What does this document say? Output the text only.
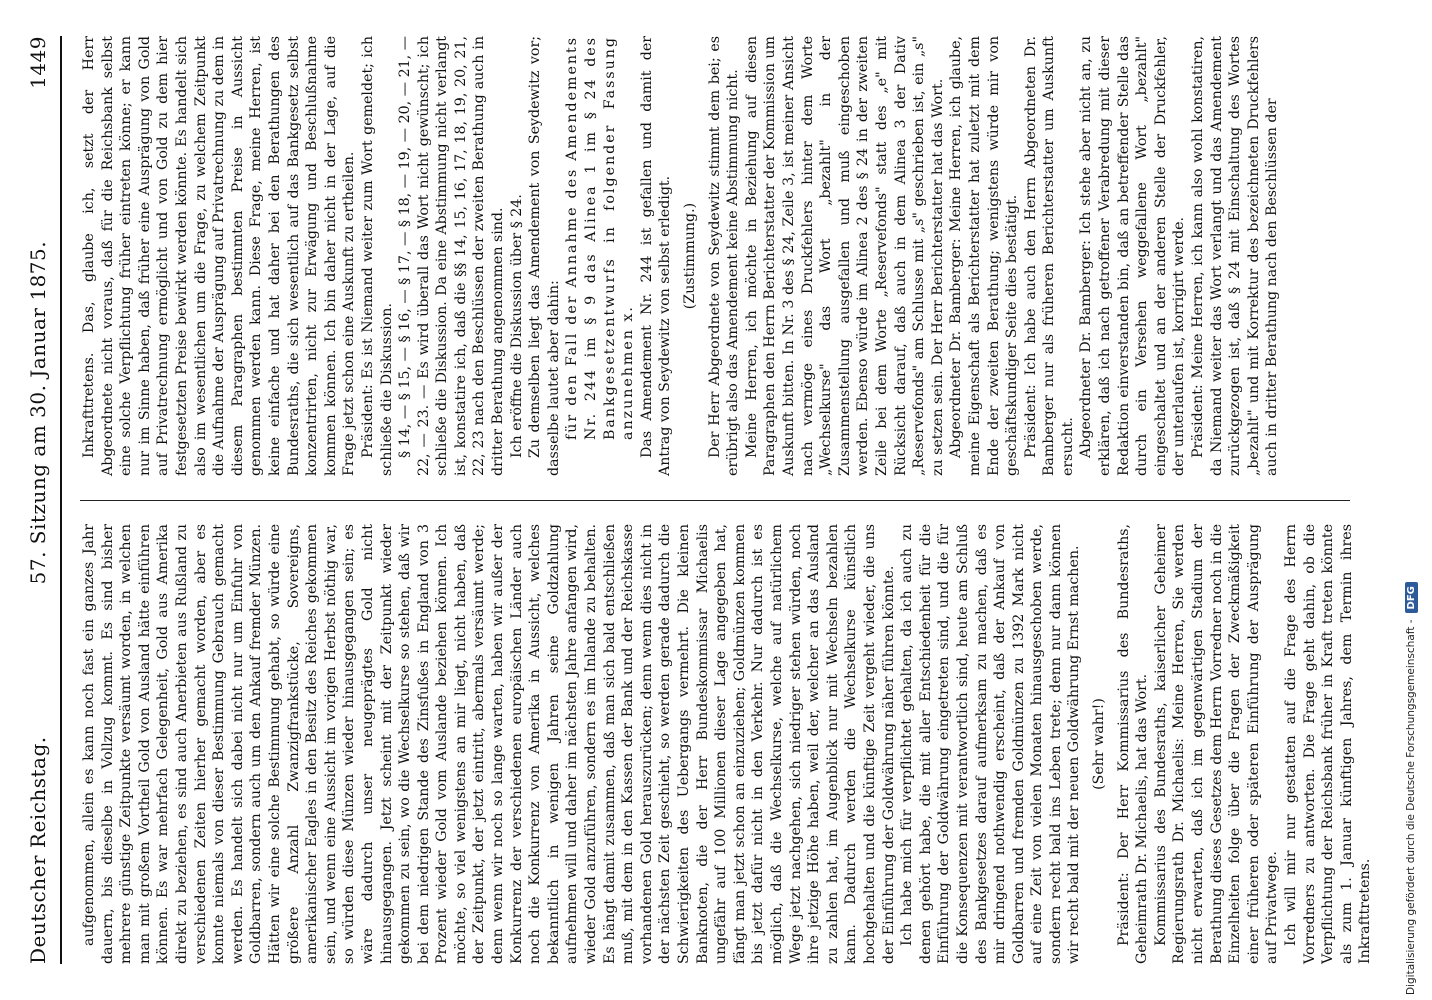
Deutscher Reichstag.
57. Sitzung am 30. Januar 1875.
1449

aufgenommen, allein es kann noch fast ein ganzes Jahr dauern, bis dieselbe in Vollzug kommt. Es sind bisher mehrere günstige Zeitpunkte versäumt worden, in welchen man mit großem Vortheil Gold von Ausland hätte einführen können. Es war mehrfach Gelegenheit, Gold aus Amerika direkt zu beziehen, es sind auch Anerbieten aus Rußland zu verschiedenen Zeiten hierher gemacht worden, aber es konnte niemals von dieser Bestimmung Gebrauch gemacht werden. Es handelt sich dabei nicht nur um Einfuhr von Goldbarren, sondern auch um den Ankauf fremder Münzen. Hätten wir eine solche Bestimmung gehabt, so würde eine größere Anzahl Zwanzigfrankstücke, Sovereigns, amerikanischer Eagles in den Besitz des Reiches gekommen sein, und wenn eine Aussicht im vorigen Herbst nöthig war, so würden diese Münzen wieder hinausgegangen sein; es wäre dadurch unser neugeprägtes Gold nicht hinausgegangen. Jetzt scheint mit der Zeitpunkt wieder gekommen zu sein, wo die Wechselkurse so stehen, daß wir bei dem niedrigen Stande des Zinsfußes in England von 3 Prozent wieder Gold vom Auslande beziehen können. Ich möchte, so viel wenigstens an mir liegt, nicht haben, daß der Zeitpunkt, der jetzt eintritt, abermals versäumt werde; denn wenn wir noch so lange warten, haben wir außer der Konkurrenz der verschiedenen europäischen Länder auch noch die Konkurrenz von Amerika in Aussicht, welches bekanntlich in wenigen Jahren seine Goldzahlung aufnehmen will und daher im nächsten Jahre anfangen wird, wieder Gold anzuführen, sondern es im Inlande zu behalten. Es hängt damit zusammen, daß man sich bald entschließen muß, mit dem in den Kassen der Bank und der Reichskasse vorhandenen Gold herauszurücken; denn wenn dies nicht in der nächsten Zeit geschieht, so werden gerade dadurch die Schwierigkeiten des Uebergangs vermehrt. Die kleinen Banknoten, die der Herr Bundeskommissar Michaelis ungefähr auf 100 Millionen dieser Lage angegeben hat, fängt man jetzt schon an einzuziehen; Goldmünzen kommen bis jetzt dafür nicht in den Verkehr. Nur dadurch ist es möglich, daß die Wechselkurse, welche auf natürlichem Wege jetzt nachgehen, sich niedriger stehen würden, noch ihre jetzige Höhe haben, weil der, welcher an das Ausland zu zahlen hat, im Augenblick nur mit Wechseln bezahlen kann. Dadurch werden die Wechselkurse künstlich hochgehalten und die künftige Zeit vergeht wieder, die uns der Einführung der Goldwährung näher führen könnte. Ich habe mich für verpflichtet gehalten, da ich auch zu denen gehört habe, die mit aller Entschiedenheit für die Einführung der Goldwährung eingetreten sind, und die für die Konsequenzen mit verantwortlich sind, heute am Schluß des Bankgesetzes darauf aufmerksam zu machen, daß es mir dringend nothwendig erscheint, daß der Ankauf von Goldbarren und fremden Goldmünzen zu 1392 Mark nicht auf eine Zeit von vielen Monaten hinausgeschoben werde, sondern recht bald ins Leben trete; denn nur dann können wir recht bald mit der neuen Goldwährung Ernst machen. (Sehr wahr!) Präsident: Der Herr Kommissarius des Bundesraths, Geheimrath Dr. Michaelis, hat das Wort. Kommissarius des Bundesraths, kaiserlicher Geheimer Regierungsrath Dr. Michaelis: Meine Herren, Sie werden nicht erwarten, daß ich im gegenwärtigen Stadium der Berathung dieses Gesetzes dem Herrn Vorredner noch in die Einzelheiten folge über die Fragen der Zweckmäßigkeit einer früheren oder späteren Einführung der Ausprägung auf Privatwege. Ich will mir nur gestatten auf die Frage des Herrn Vorredners zu antworten. Die Frage geht dahin, ob die Verpflichtung der Reichsbank früher in Kraft treten könnte als zum 1. Januar künftigen Jahres, dem Termin ihres Inkrafttretens.

Inkrafttretens. Das, glaube ich, setzt der Herr Abgeordnete nicht voraus, daß für die Reichsbank selbst eine solche Verpflichtung früher eintreten könne; er kann nur im Sinne haben, daß früher eine Ausprägung von Gold auf Privatrechnung ermöglicht und von Gold zu dem hier festgesetzten Preise bewirkt werden könnte. Es handelt sich also im wesentlichen um die Frage, zu welchem Zeitpunkt die Aufnahme der Ausprägung auf Privatrechnung zu dem in diesem Paragraphen bestimmten Preise in Aussicht genommen werden kann. Diese Frage, meine Herren, ist keine einfache und hat daher bei den Berathungen des Bundesraths, die sich wesentlich auf das Bankgesetz selbst konzentrirten, nicht zur Erwägung und Beschlußnahme kommen können. Ich bin daher nicht in der Lage, auf die Frage jetzt schon eine Auskunft zu ertheilen. Präsident: Es ist Niemand weiter zum Wort gemeldet; ich schließe die Diskussion. § 14, — § 15, — § 16, — § 17, — § 18, — 19, — 20, — 21, — 22, — 23. — Es wird überall das Wort nicht gewünscht; ich schließe die Diskussion. Da eine Abstimmung nicht verlangt ist, konstatire ich, daß die §§ 14, 15, 16, 17, 18, 19, 20, 21, 22, 23 nach den Beschlüssen der zweiten Berathung auch in dritter Berathung angenommen sind. Ich eröffne die Diskussion über § 24. Zu demselben liegt das Amendement von Seydewitz vor; dasselbe lautet aber dahin: für den Fall der Annahme des Amendements Nr. 244 im § 9 das Alinea 1 im § 24 des Bankgesetzentwurfs in folgender Fassung anzunehmen x. Das Amendement Nr. 244 ist gefallen und damit der Antrag von Seydewitz von selbst erledigt. (Zustimmung.) Der Herr Abgeordnete von Seydewitz stimmt dem bei; es erübrigt also das Amendement keine Abstimmung nicht. Meine Herren, ich möchte in Beziehung auf diesen Paragraphen den Herrn Berichterstatter der Kommission um Auskunft bitten. In Nr. 3 des § 24, Zeile 3, ist meiner Ansicht nach vermöge eines Druckfehlers hinter dem Worte „Wechselkurse" das Wort „bezahlt" in der Zusammenstellung ausgefallen und muß eingeschoben werden. Ebenso würde im Alinea 2 des § 24 in der zweiten Zeile bei dem Worte „Reservefonds" statt des „e" mit Rücksicht darauf, daß auch in dem Alinea 3 der Dativ „Reservefonds" am Schlusse mit „s" geschrieben ist, ein „s" zu setzen sein. Der Herr Berichterstatter hat das Wort. Abgeordneter Dr. Bamberger: Meine Herren, ich glaube, meine Eigenschaft als Berichterstatter hat zuletzt mit dem Ende der zweiten Berathung; wenigstens würde mir von geschäftskundiger Seite dies bestätigt. Präsident: Ich habe auch den Herrn Abgeordneten Dr. Bamberger nur als früheren Berichterstatter um Auskunft ersucht. Abgeordneter Dr. Bamberger: Ich stehe aber nicht an, zu erklären, daß ich nach getroffener Verabredung mit dieser Redaktion einverstanden bin, daß an betreffender Stelle das durch ein Versehen weggefallene Wort „bezahlt" eingeschaltet und an der anderen Stelle der Druckfehler, der unterlaufen ist, korrigirt werde. Präsident: Meine Herren, ich kann also wohl konstatiren, da Niemand weiter das Wort verlangt und das Amendement zurückgezogen ist, daß § 24 mit Einschaltung des Wortes „bezahlt" und mit Korrektur des bezeichneten Druckfehlers auch in dritter Berathung nach den Beschlüssen der

Digitalisierung gefördert durch die Deutsche Forschungsgemeinschaft -
DFG
